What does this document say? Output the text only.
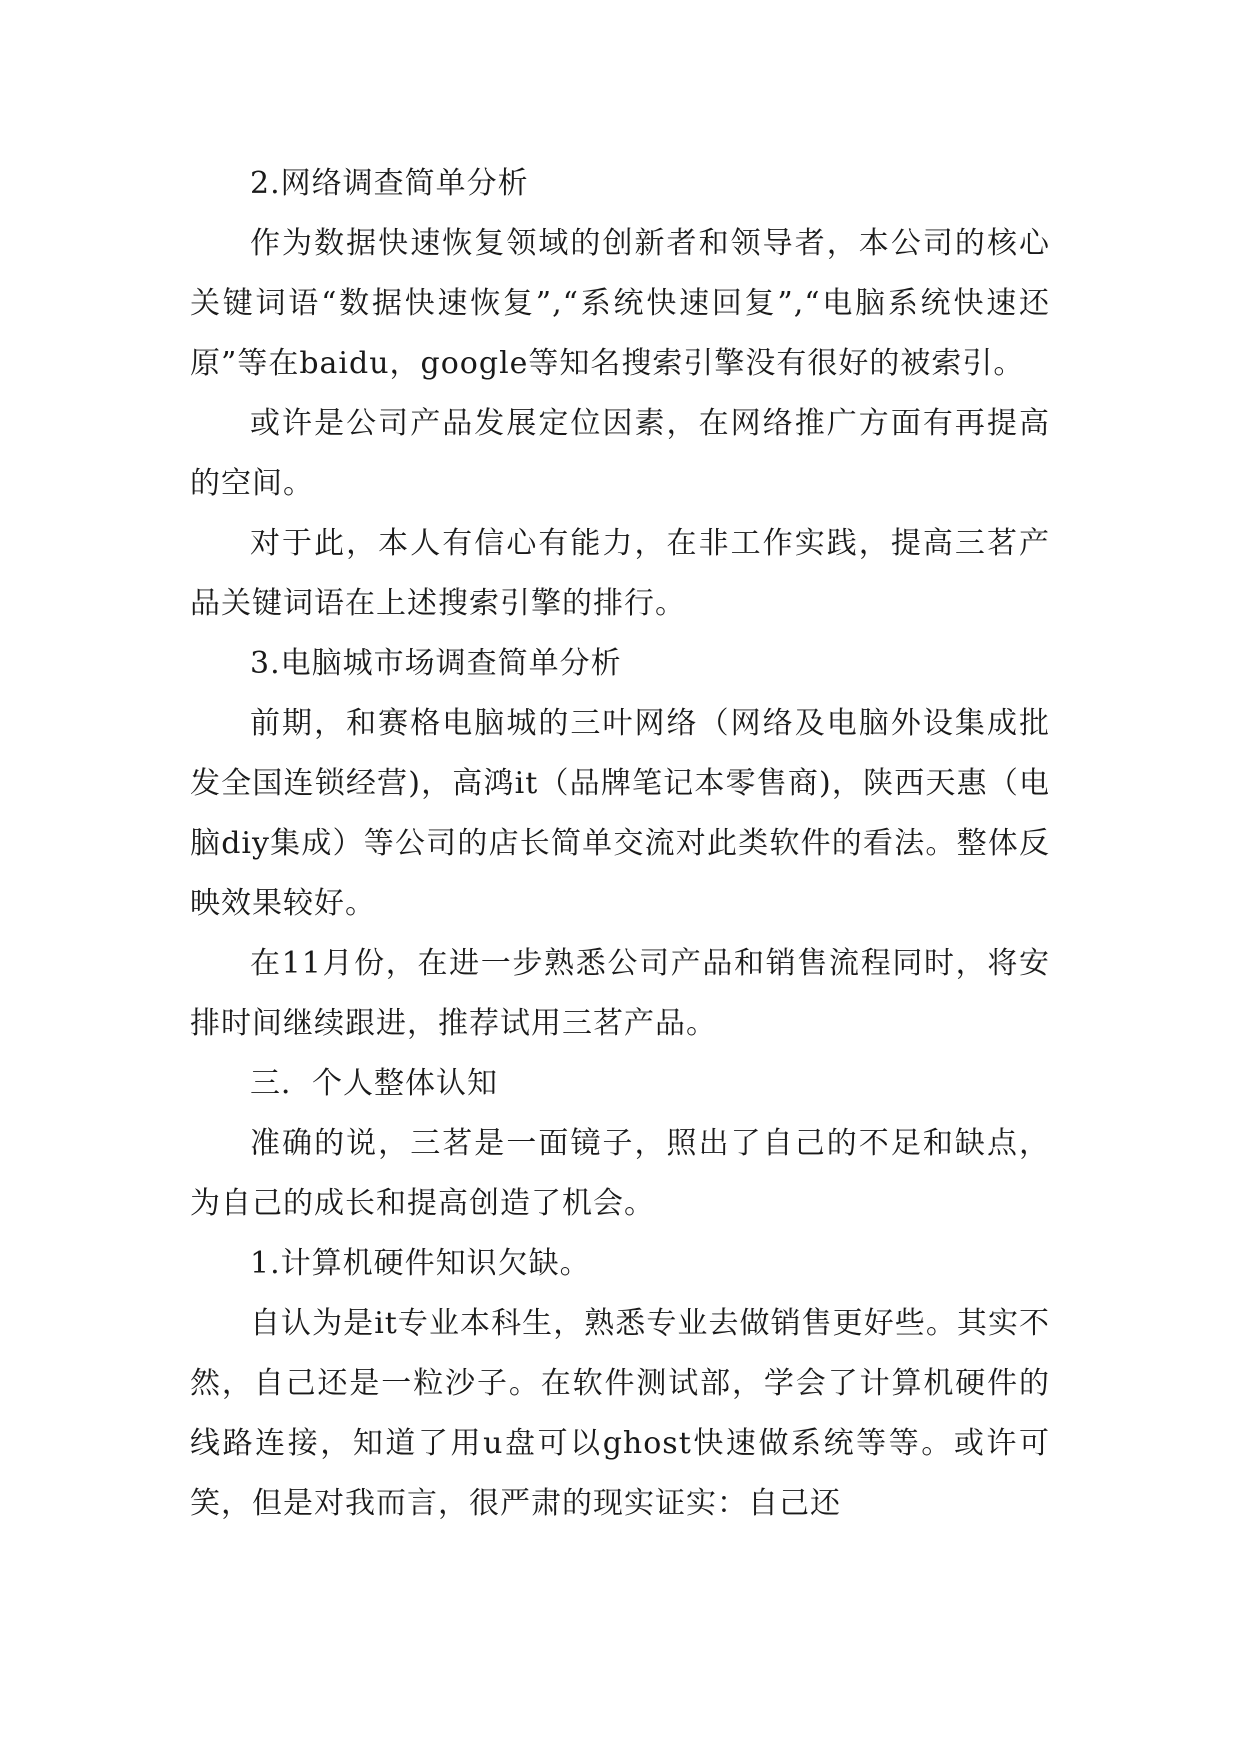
2.网络调查简单分析

作为数据快速恢复领域的创新者和领导者，本公司的核心关键词语“数据快速恢复”,“系统快速回复”,“电脑系统快速还原”等在baidu，google等知名搜索引擎没有很好的被索引。

或许是公司产品发展定位因素，在网络推广方面有再提高的空间。

对于此，本人有信心有能力，在非工作实践，提高三茗产品关键词语在上述搜索引擎的排行。

3.电脑城市场调查简单分析

前期，和赛格电脑城的三叶网络（网络及电脑外设集成批发全国连锁经营)，高鸿it（品牌笔记本零售商)，陕西天惠（电脑diy集成）等公司的店长简单交流对此类软件的看法。整体反映效果较好。

在11月份，在进一步熟悉公司产品和销售流程同时，将安排时间继续跟进，推荐试用三茗产品。

三．个人整体认知

准确的说，三茗是一面镜子，照出了自己的不足和缺点，为自己的成长和提高创造了机会。

1.计算机硬件知识欠缺。

自认为是it专业本科生，熟悉专业去做销售更好些。其实不然，自己还是一粒沙子。在软件测试部，学会了计算机硬件的线路连接，知道了用u盘可以ghost快速做系统等等。或许可笑，但是对我而言，很严肃的现实证实：自己还
